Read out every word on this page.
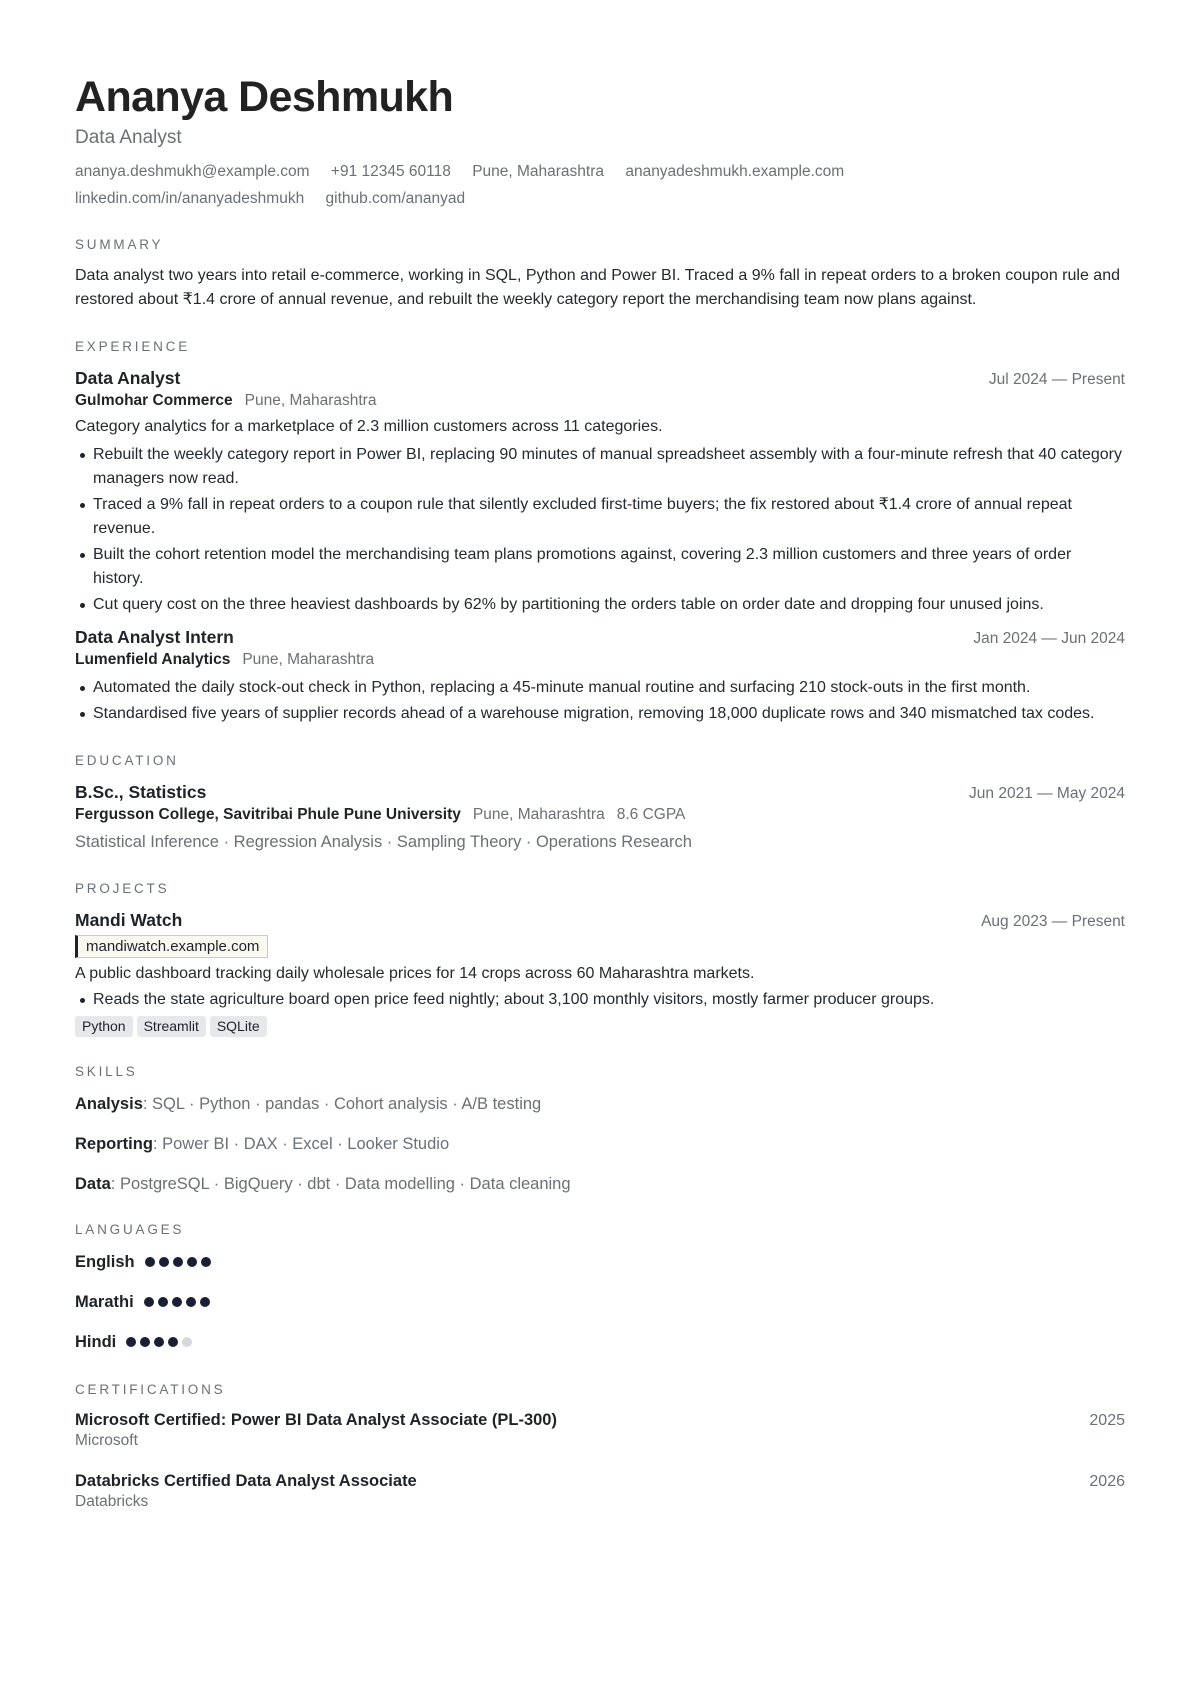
Ananya Deshmukh
Data Analyst
ananya.deshmukh@example.com +91 12345 60118 Pune, Maharashtra ananyadeshmukh.example.com
linkedin.com/in/ananyadeshmukh github.com/ananyad
SUMMARY
Data analyst two years into retail e-commerce, working in SQL, Python and Power BI. Traced a 9% fall in repeat orders to a broken coupon rule and restored about ₹1.4 crore of annual revenue, and rebuilt the weekly category report the merchandising team now plans against.
EXPERIENCE
Data Analyst	Jul 2024 — Present
Gulmohar Commerce Pune, Maharashtra
Category analytics for a marketplace of 2.3 million customers across 11 categories.
Rebuilt the weekly category report in Power BI, replacing 90 minutes of manual spreadsheet assembly with a four-minute refresh that 40 category managers now read.
Traced a 9% fall in repeat orders to a coupon rule that silently excluded first-time buyers; the fix restored about ₹1.4 crore of annual repeat revenue.
Built the cohort retention model the merchandising team plans promotions against, covering 2.3 million customers and three years of order history.
Cut query cost on the three heaviest dashboards by 62% by partitioning the orders table on order date and dropping four unused joins.
Data Analyst Intern	Jan 2024 — Jun 2024
Lumenfield Analytics Pune, Maharashtra
Automated the daily stock-out check in Python, replacing a 45-minute manual routine and surfacing 210 stock-outs in the first month.
Standardised five years of supplier records ahead of a warehouse migration, removing 18,000 duplicate rows and 340 mismatched tax codes.
EDUCATION
B.Sc., Statistics	Jun 2021 — May 2024
Fergusson College, Savitribai Phule Pune University Pune, Maharashtra 8.6 CGPA
Statistical Inference · Regression Analysis · Sampling Theory · Operations Research
PROJECTS
Mandi Watch	Aug 2023 — Present
mandiwatch.example.com
A public dashboard tracking daily wholesale prices for 14 crops across 60 Maharashtra markets.
Reads the state agriculture board open price feed nightly; about 3,100 monthly visitors, mostly farmer producer groups.
Python Streamlit SQLite
SKILLS
Analysis: SQL · Python · pandas · Cohort analysis · A/B testing
Reporting: Power BI · DAX · Excel · Looker Studio
Data: PostgreSQL · BigQuery · dbt · Data modelling · Data cleaning
LANGUAGES
English
Marathi
Hindi
CERTIFICATIONS
Microsoft Certified: Power BI Data Analyst Associate (PL-300)	2025
Microsoft
Databricks Certified Data Analyst Associate	2026
Databricks
